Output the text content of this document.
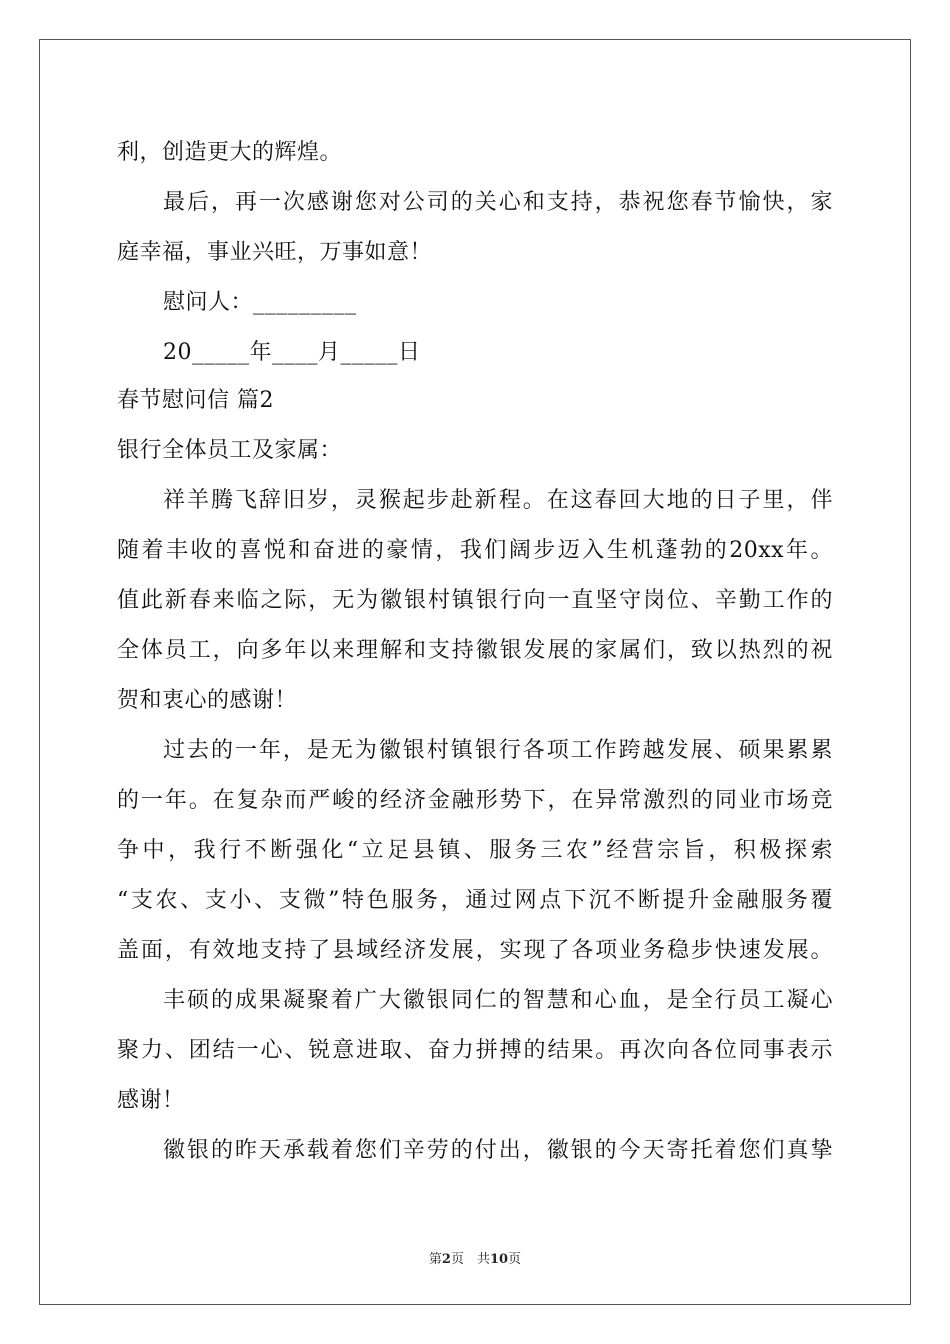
利，创造更大的辉煌。
最后，再一次感谢您对公司的关心和支持，恭祝您春节愉快，家
庭幸福，事业兴旺，万事如意！
慰问人：_________
20_____年____月_____日
春节慰问信 篇2
银行全体员工及家属：
祥羊腾飞辞旧岁，灵猴起步赴新程。在这春回大地的日子里，伴
随着丰收的喜悦和奋进的豪情，我们阔步迈入生机蓬勃的20xx年。
值此新春来临之际，无为徽银村镇银行向一直坚守岗位、辛勤工作的
全体员工，向多年以来理解和支持徽银发展的家属们，致以热烈的祝
贺和衷心的感谢！
过去的一年，是无为徽银村镇银行各项工作跨越发展、硕果累累
的一年。在复杂而严峻的经济金融形势下，在异常激烈的同业市场竞
争中，我行不断强化“立足县镇、服务三农”经营宗旨，积极探索
“支农、支小、支微”特色服务，通过网点下沉不断提升金融服务覆
盖面，有效地支持了县域经济发展，实现了各项业务稳步快速发展。
丰硕的成果凝聚着广大徽银同仁的智慧和心血，是全行员工凝心
聚力、团结一心、锐意进取、奋力拼搏的结果。再次向各位同事表示
感谢！
徽银的昨天承载着您们辛劳的付出，徽银的今天寄托着您们真挚
第2页　共10页
